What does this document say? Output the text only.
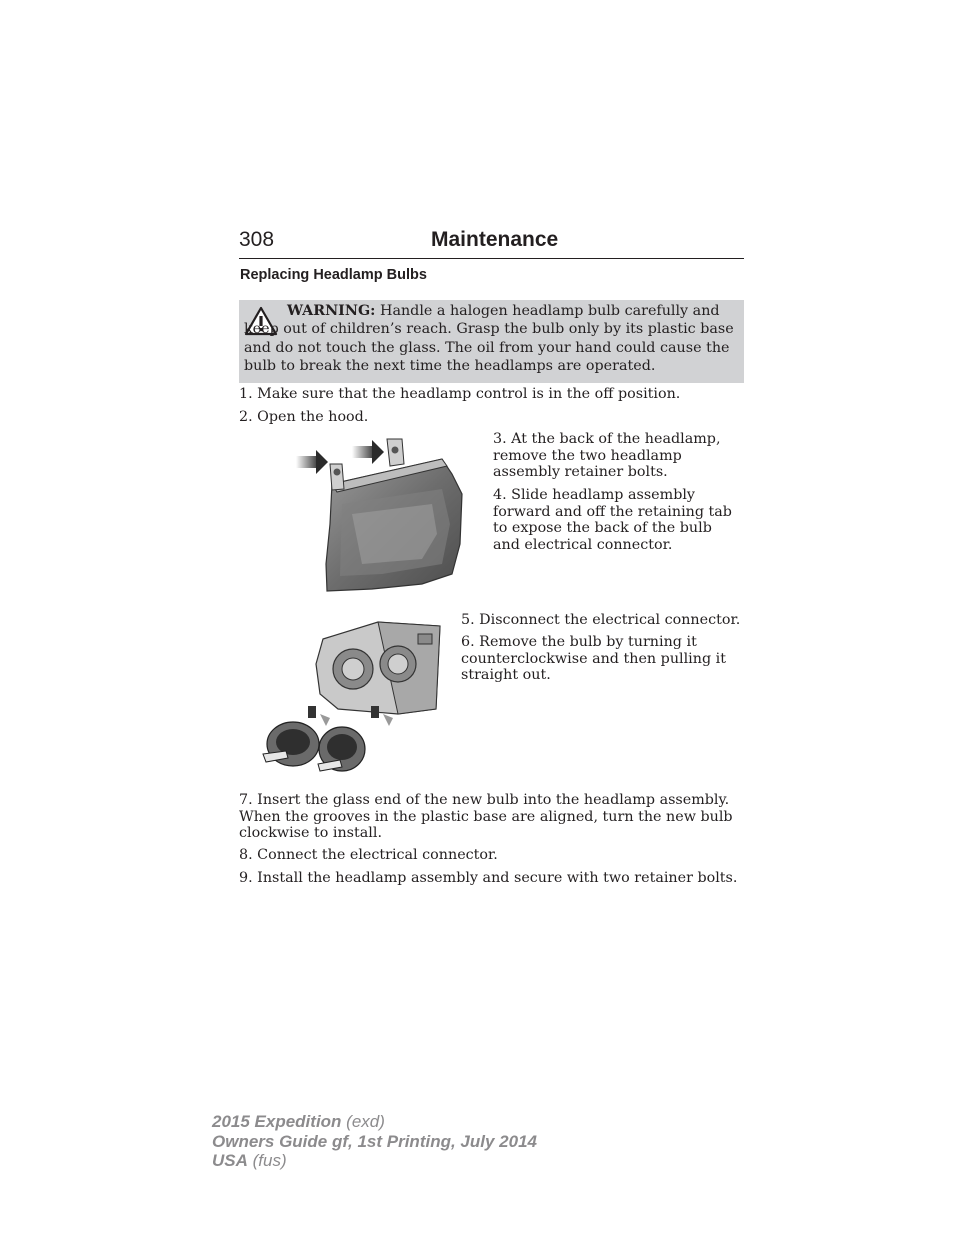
308	Maintenance
Replacing Headlamp Bulbs
WARNING: Handle a halogen headlamp bulb carefully and keep out of children’s reach. Grasp the bulb only by its plastic base and do not touch the glass. The oil from your hand could cause the bulb to break the next time the headlamps are operated.
1. Make sure that the headlamp control is in the off position.
2. Open the hood.
3. At the back of the headlamp, remove the two headlamp assembly retainer bolts.
4. Slide headlamp assembly forward and off the retaining tab to expose the back of the bulb and electrical connector.
5. Disconnect the electrical connector.
6. Remove the bulb by turning it counterclockwise and then pulling it straight out.
7. Insert the glass end of the new bulb into the headlamp assembly. When the grooves in the plastic base are aligned, turn the new bulb clockwise to install.
8. Connect the electrical connector.
9. Install the headlamp assembly and secure with two retainer bolts.
2015 Expedition (exd)
Owners Guide gf, 1st Printing, July 2014
USA (fus)
